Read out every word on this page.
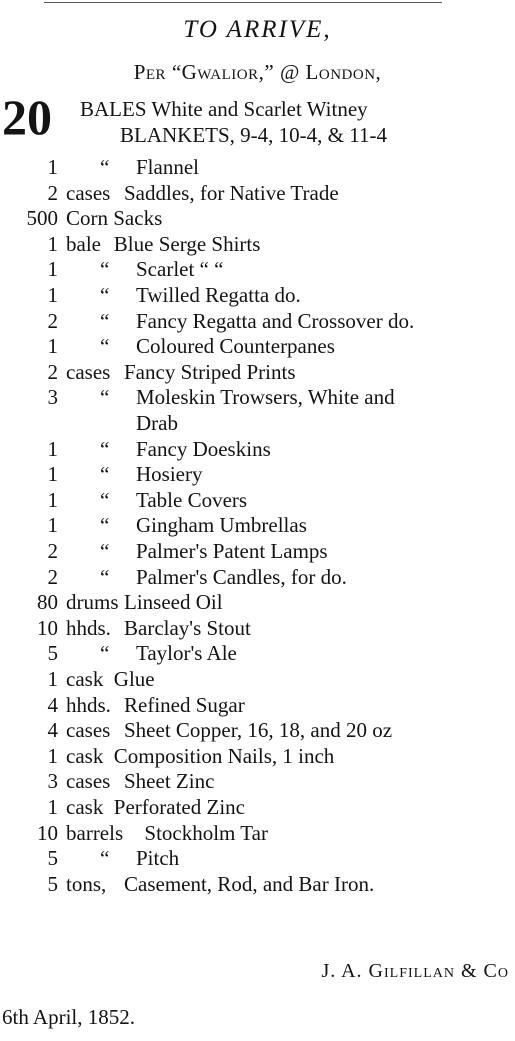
TO ARRIVE,
Per “Gwalior,” @ London,
20 BALES White and Scarlet Witney
BLANKETS, 9-4, 10-4, & 11-4
1 “ Flannel
2 cases Saddles, for Native Trade
500 Corn Sacks
1 bale Blue Serge Shirts
1 “ Scarlet “ “
1 “ Twilled Regatta do.
2 “ Fancy Regatta and Crossover do.
1 “ Coloured Counterpanes
2 cases Fancy Striped Prints
3 “ Moleskin Trowsers, White and
Drab
1 “ Fancy Doeskins
1 “ Hosiery
1 “ Table Covers
1 “ Gingham Umbrellas
2 “ Palmer's Patent Lamps
2 “ Palmer's Candles, for do.
80 drums Linseed Oil
10 hhds. Barclay's Stout
5 “ Taylor's Ale
1 cask Glue
4 hhds. Refined Sugar
4 cases Sheet Copper, 16, 18, and 20 oz
1 cask Composition Nails, 1 inch
3 cases Sheet Zinc
1 cask Perforated Zinc
10 barrels Stockholm Tar
5 “ Pitch
5 tons, Casement, Rod, and Bar Iron.
J. A. Gilfillan & Co
6th April, 1852.
